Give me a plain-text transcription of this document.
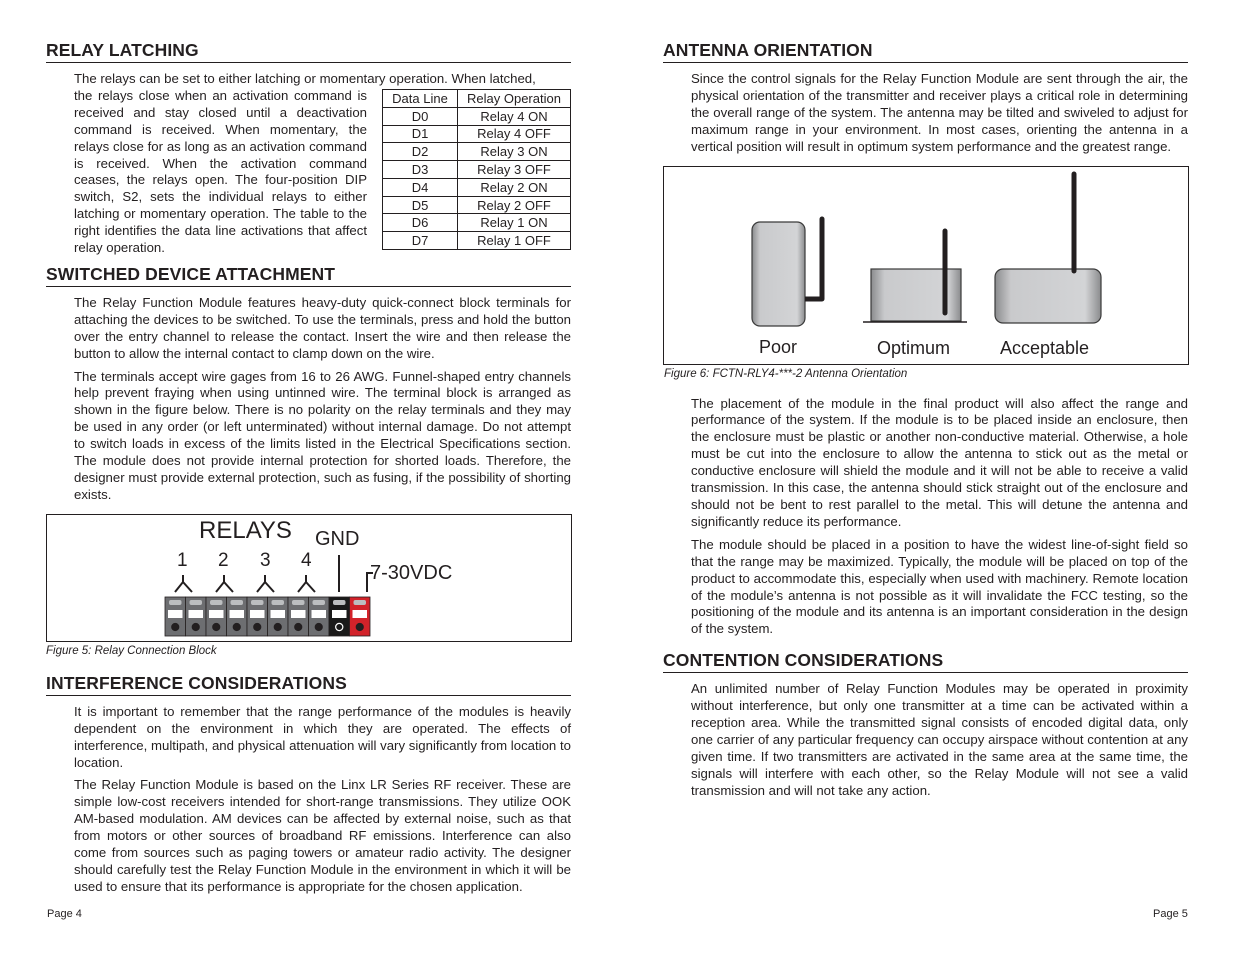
RELAY LATCHING

The relays can be set to either latching or momentary operation. When latched,

the relays close when an activation command is received and stay closed until a deactivation command is received. When momentary, the relays close for as long as an activation command is received. When the activation command ceases, the relays open. The four-position DIP switch, S2, sets the individual relays to either latching or momentary operation. The table to the right identifies the data line activations that affect relay operation.

Data Line	Relay Operation
D0	Relay 4 ON
D1	Relay 4 OFF
D2	Relay 3 ON
D3	Relay 3 OFF
D4	Relay 2 ON
D5	Relay 2 OFF
D6	Relay 1 ON
D7	Relay 1 OFF
SWITCHED DEVICE ATTACHMENT

The Relay Function Module features heavy-duty quick-connect block terminals for attaching the devices to be switched. To use the terminals, press and hold the button over the entry channel to release the contact. Insert the wire and then release the button to allow the internal contact to clamp down on the wire.

The terminals accept wire gages from 16 to 26 AWG. Funnel-shaped entry channels help prevent fraying when using untinned wire. The terminal block is arranged as shown in the figure below. There is no polarity on the relay terminals and they may be used in any order (or left unterminated) without internal damage. Do not attempt to switch loads in excess of the limits listed in the Electrical Specifications section. The module does not provide internal protection for shorted loads. Therefore, the designer must provide external protection, such as fusing, if the possibility of shorting exists.

RELAYS GND
1 2 3 4
7-30VDC
Figure 5: Relay Connection Block
INTERFERENCE CONSIDERATIONS

It is important to remember that the range performance of the modules is heavily dependent on the environment in which they are operated. The effects of interference, multipath, and physical attenuation will vary significantly from location to location.

The Relay Function Module is based on the Linx LR Series RF receiver. These are simple low-cost receivers intended for short-range transmissions. They utilize OOK AM-based modulation. AM devices can be affected by external noise, such as that from motors or other sources of broadband RF emissions. Interference can also come from sources such as paging towers or amateur radio activity. The designer should carefully test the Relay Function Module in the environment in which it will be used to ensure that its performance is appropriate for the chosen application.

Page 4
ANTENNA ORIENTATION

Since the control signals for the Relay Function Module are sent through the air, the physical orientation of the transmitter and receiver plays a critical role in determining the overall range of the system. The antenna may be tilted and swiveled to adjust for maximum range in your environment. In most cases, orienting the antenna in a vertical position will result in optimum system performance and the greatest range.

Poor	Optimum	Acceptable
Figure 6: FCTN-RLY4-***-2 Antenna Orientation

The placement of the module in the final product will also affect the range and performance of the system. If the module is to be placed inside an enclosure, then the enclosure must be plastic or another non-conductive material. Otherwise, a hole must be cut into the enclosure to allow the antenna to stick out as the metal or conductive enclosure will shield the module and it will not be able to receive a valid transmission. In this case, the antenna should stick straight out of the enclosure and should not be bent to rest parallel to the metal. This will detune the antenna and significantly reduce its performance.

The module should be placed in a position to have the widest line-of-sight field so that the range may be maximized. Typically, the module will be placed on top of the product to accommodate this, especially when used with machinery. Remote location of the module’s antenna is not possible as it will invalidate the FCC testing, so the positioning of the module and its antenna is an important consideration in the design of the system.

CONTENTION CONSIDERATIONS

An unlimited number of Relay Function Modules may be operated in proximity without interference, but only one transmitter at a time can be activated within a reception area. While the transmitted signal consists of encoded digital data, only one carrier of any particular frequency can occupy airspace without contention at any given time. If two transmitters are activated in the same area at the same time, the signals will interfere with each other, so the Relay Module will not see a valid transmission and will not take any action.

Page 5
